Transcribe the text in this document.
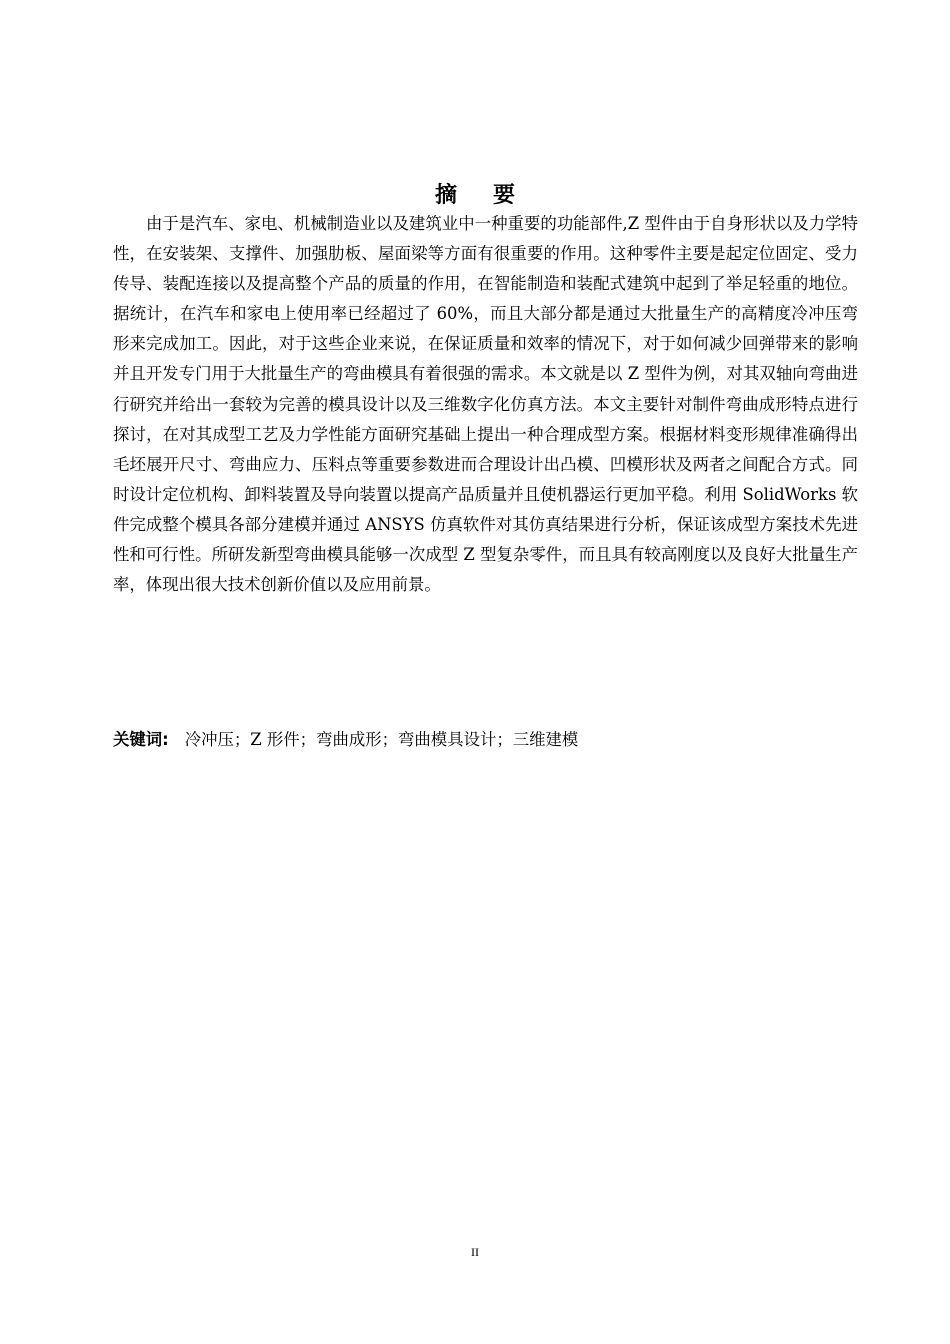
摘 要

由于是汽车、家电、机械制造业以及建筑业中一种重要的功能部件,Z 型件由于自身形状以及力学特性，在安装架、支撑件、加强肋板、屋面梁等方面有很重要的作用。这种零件主要是起定位固定、受力传导、装配连接以及提高整个产品的质量的作用，在智能制造和装配式建筑中起到了举足轻重的地位。据统计，在汽车和家电上使用率已经超过了 60%，而且大部分都是通过大批量生产的高精度冷冲压弯形来完成加工。因此，对于这些企业来说，在保证质量和效率的情况下，对于如何减少回弹带来的影响并且开发专门用于大批量生产的弯曲模具有着很强的需求。本文就是以 Z 型件为例，对其双轴向弯曲进行研究并给出一套较为完善的模具设计以及三维数字化仿真方法。本文主要针对制件弯曲成形特点进行探讨，在对其成型工艺及力学性能方面研究基础上提出一种合理成型方案。根据材料变形规律准确得出毛坯展开尺寸、弯曲应力、压料点等重要参数进而合理设计出凸模、凹模形状及两者之间配合方式。同时设计定位机构、卸料装置及导向装置以提高产品质量并且使机器运行更加平稳。利用 SolidWorks 软件完成整个模具各部分建模并通过 ANSYS 仿真软件对其仿真结果进行分析，保证该成型方案技术先进性和可行性。所研发新型弯曲模具能够一次成型 Z 型复杂零件，而且具有较高刚度以及良好大批量生产率，体现出很大技术创新价值以及应用前景。

关键词: 冷冲压；Z 形件；弯曲成形；弯曲模具设计；三维建模

II
